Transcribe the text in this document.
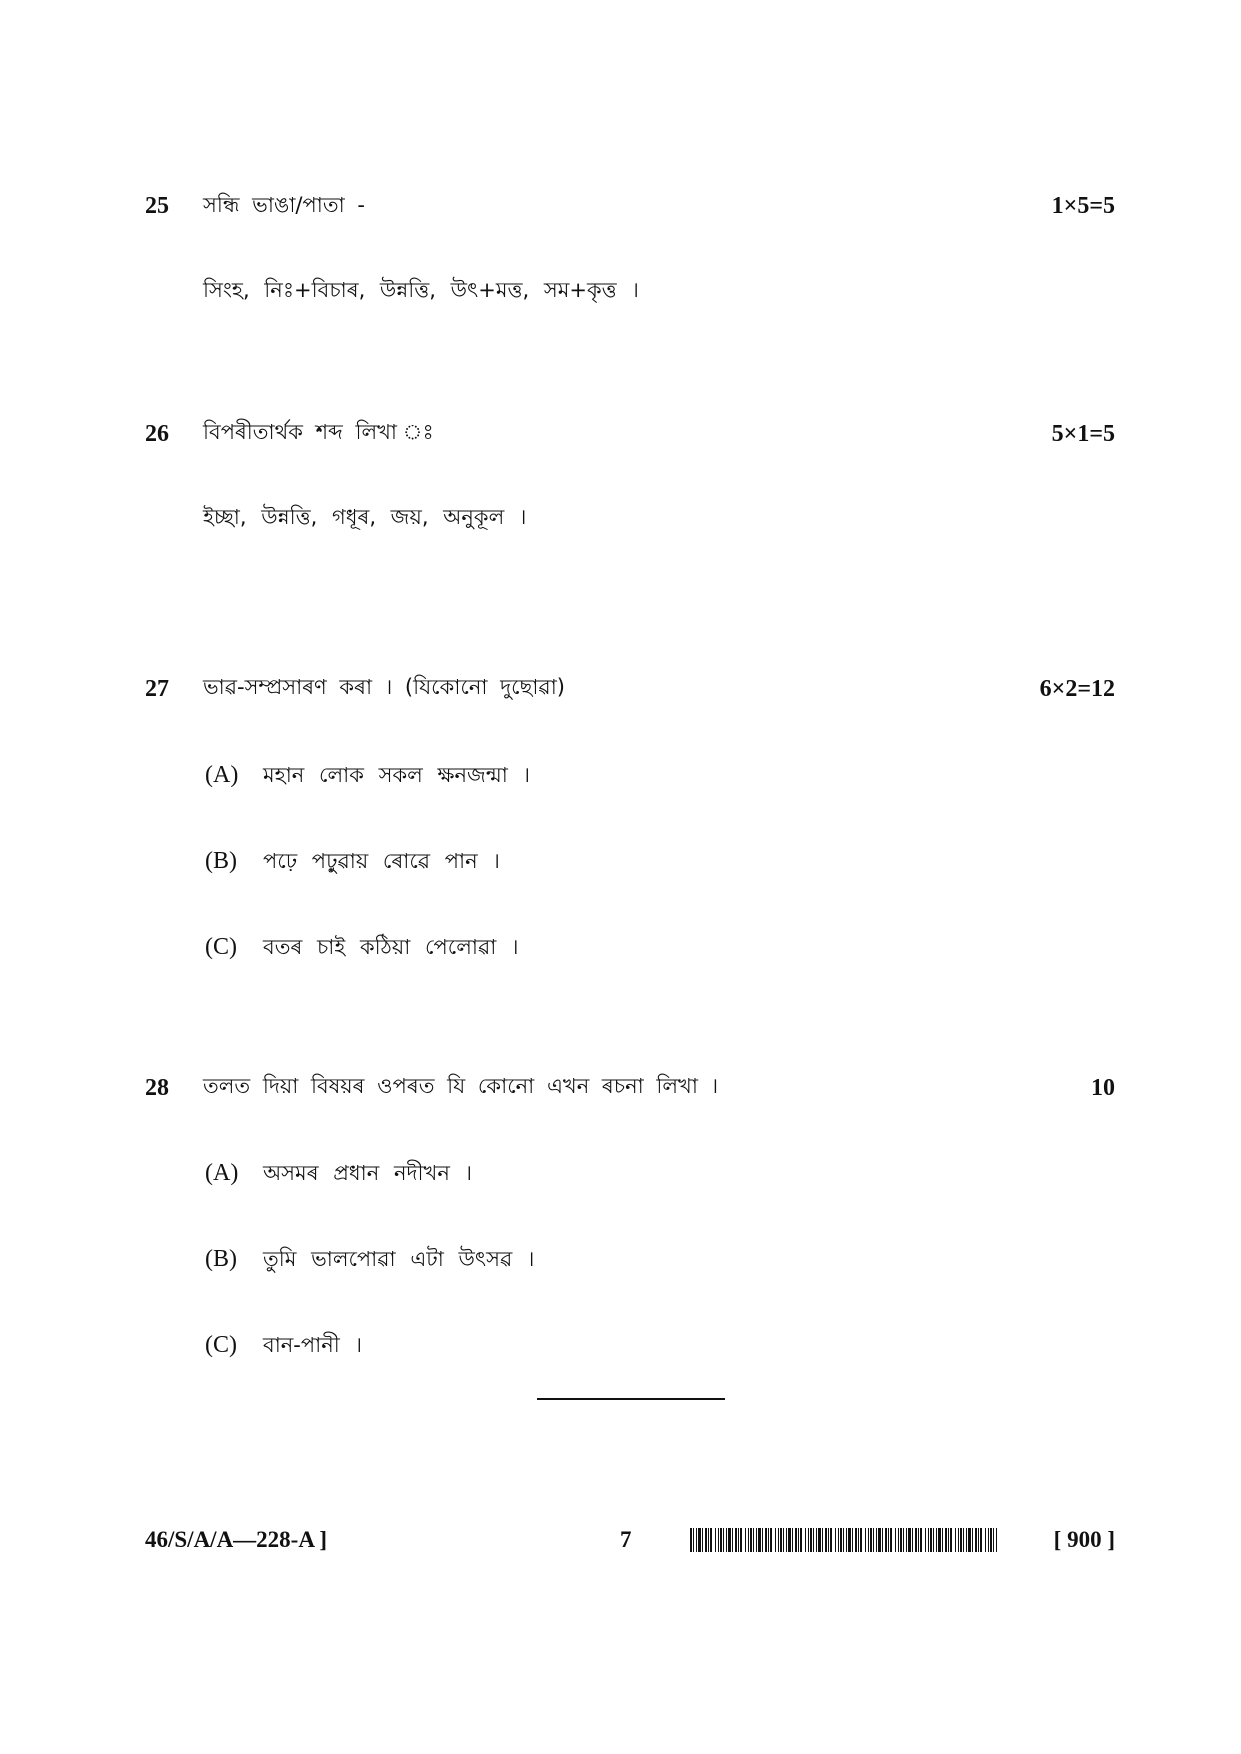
25 সন্ধি ভাঙা/পাতা -	1×5=5
সিংহ, নিঃ+বিচাৰ, উন্নত্তি, উৎ+মত্ত, সম+কৃত্ত ।
26 বিপৰীতাৰ্থক শব্দ লিখা ঃ	5×1=5
ইচ্ছা, উন্নত্তি, গধূৰ, জয়, অনুকূল ।
27 ভাৱ-সম্প্ৰসাৰণ কৰা । (যিকোনো দুছোৱা)	6×2=12
(A) মহান লোক সকল ক্ষনজন্মা ।
(B) পঢ়ে পঢ়ুৱায় ৰোৱে পান ।
(C) বতৰ চাই কঠিয়া পেলোৱা ।
28 তলত দিয়া বিষয়ৰ ওপৰত যি কোনো এখন ৰচনা লিখা ।	10
(A) অসমৰ প্ৰধান নদীখন ।
(B) তুমি ভালপোৱা এটা উৎসৱ ।
(C) বান-পানী ।
46/S/A/A—228-A ]	7	[ 900 ]
